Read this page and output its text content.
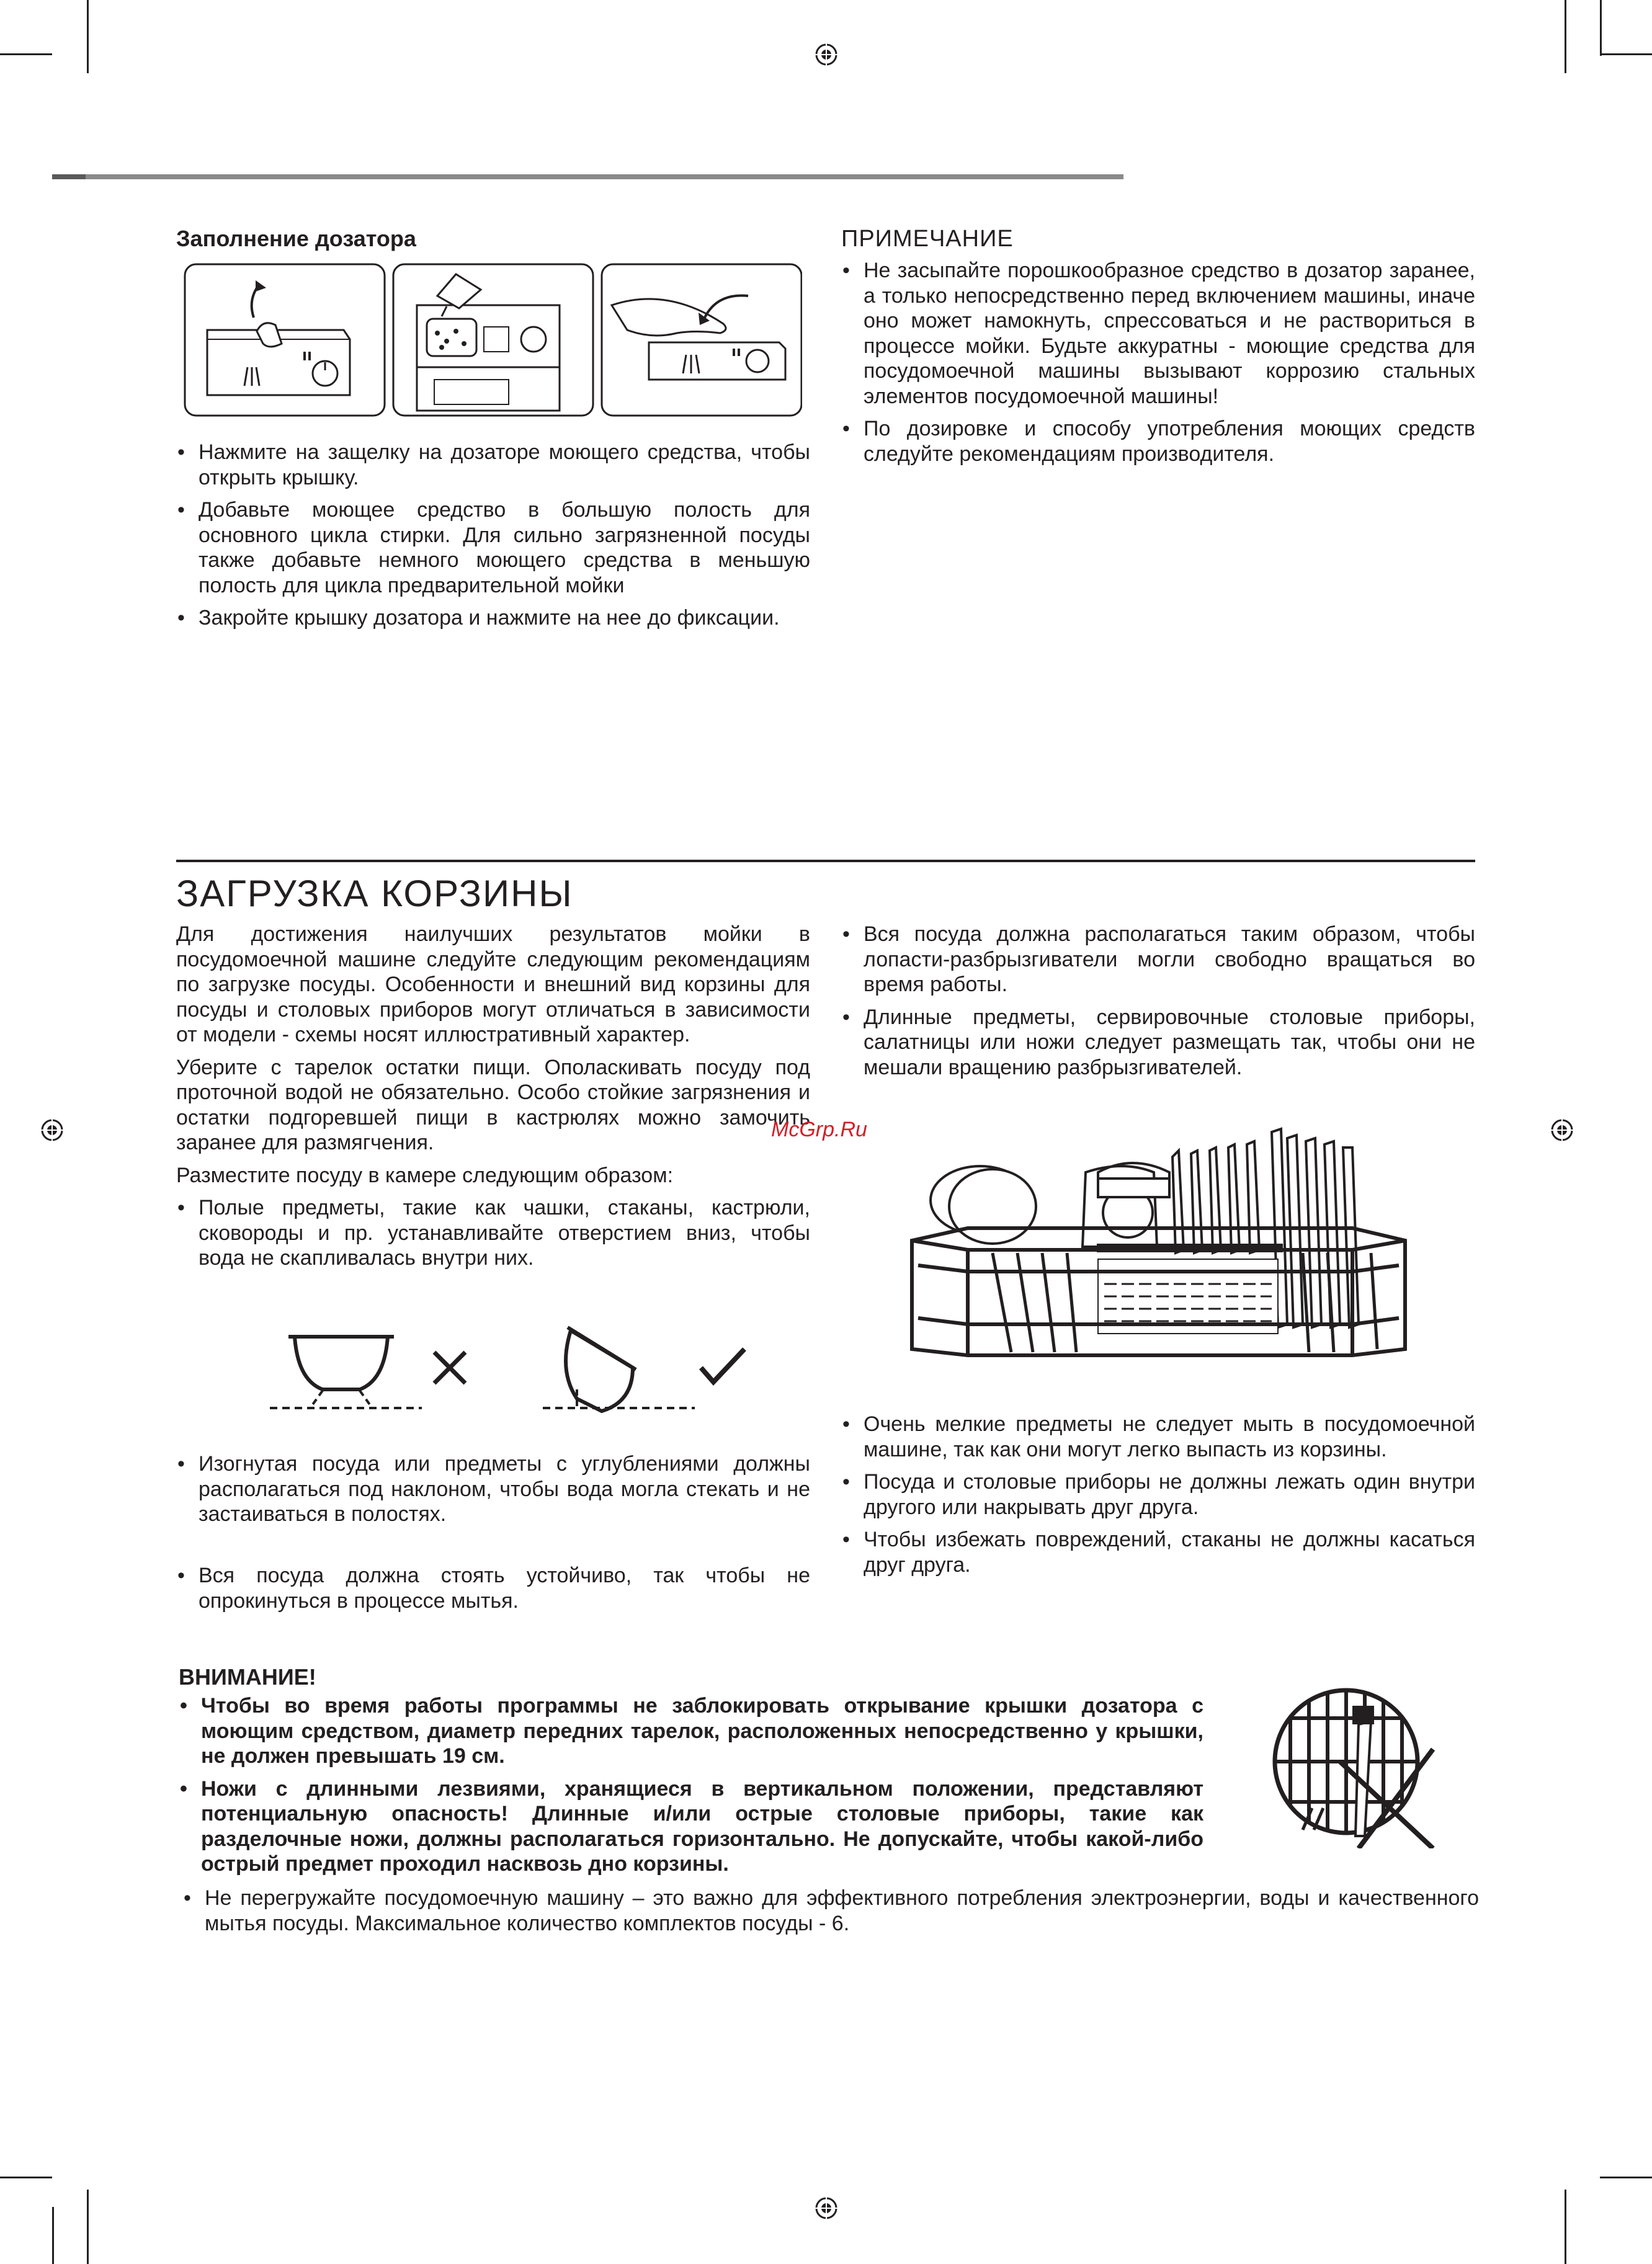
Заполнение дозатора
• Нажмите на защелку на дозаторе моющего средства, чтобы открыть крышку.
• Добавьте моющее средство в большую полость для основного цикла стирки. Для сильно загрязненной посуды также добавьте немного моющего средства в меньшую полость для цикла предварительной мойки
• Закройте крышку дозатора и нажмите на нее до фиксации.
ПРИМЕЧАНИЕ
• Не засыпайте порошкообразное средство в дозатор заранее, а только непосредственно перед включением машины, иначе оно может намокнуть, спрессоваться и не раствориться в процессе мойки. Будьте аккуратны - моющие средства для посудомоечной машины вызывают коррозию стальных элементов посудомоечной машины!
• По дозировке и способу употребления моющих средств следуйте рекомендациям производителя.
ЗАГРУЗКА КОРЗИНЫ

Для достижения наилучших результатов мойки в посудомоечной машине следуйте следующим рекомендациям по загрузке посуды. Особенности и внешний вид корзины для посуды и столовых приборов могут отличаться в зависимости от модели - схемы носят иллюстративный характер.

Уберите с тарелок остатки пищи. Ополаскивать посуду под проточной водой не обязательно. Особо стойкие загрязнения и остатки подгоревшей пищи в кастрюлях можно замочить заранее для размягчения.

Разместите посуду в камере следующим образом:

• Полые предметы, такие как чашки, стаканы, кастрюли, сковороды и пр. устанавливайте отверстием вниз, чтобы вода не скапливалась внутри них.
• Изогнутая посуда или предметы с углублениями должны располагаться под наклоном, чтобы вода могла стекать и не застаиваться в полостях.
• Вся посуда должна стоять устойчиво, так чтобы не опрокинуться в процессе мытья.
• Вся посуда должна располагаться таким образом, чтобы лопасти-разбрызгиватели могли свободно вращаться во время работы.
• Длинные предметы, сервировочные столовые приборы, салатницы или ножи следует размещать так, чтобы они не мешали вращению разбрызгивателей.
• Очень мелкие предметы не следует мыть в посудомоечной машине, так как они могут легко выпасть из корзины.
• Посуда и столовые приборы не должны лежать один внутри другого или накрывать друг друга.
• Чтобы избежать повреждений, стаканы не должны касаться друг друга.
McGrp.Ru
ВНИМАНИЕ!
• Чтобы во время работы программы не заблокировать открывание крышки дозатора с моющим средством, диаметр передних тарелок, расположенных непосредственно у крышки, не должен превышать 19 см.
• Ножи с длинными лезвиями, хранящиеся в вертикальном положении, представляют потенциальную опасность! Длинные и/или острые столовые приборы, такие как разделочные ножи, должны располагаться горизонтально. Не допускайте, чтобы какой-либо острый предмет проходил насквозь дно корзины.
• Не перегружайте посудомоечную машину – это важно для эффективного потребления электроэнергии, воды и качественного мытья посуды. Максимальное количество комплектов посуды - 6.
